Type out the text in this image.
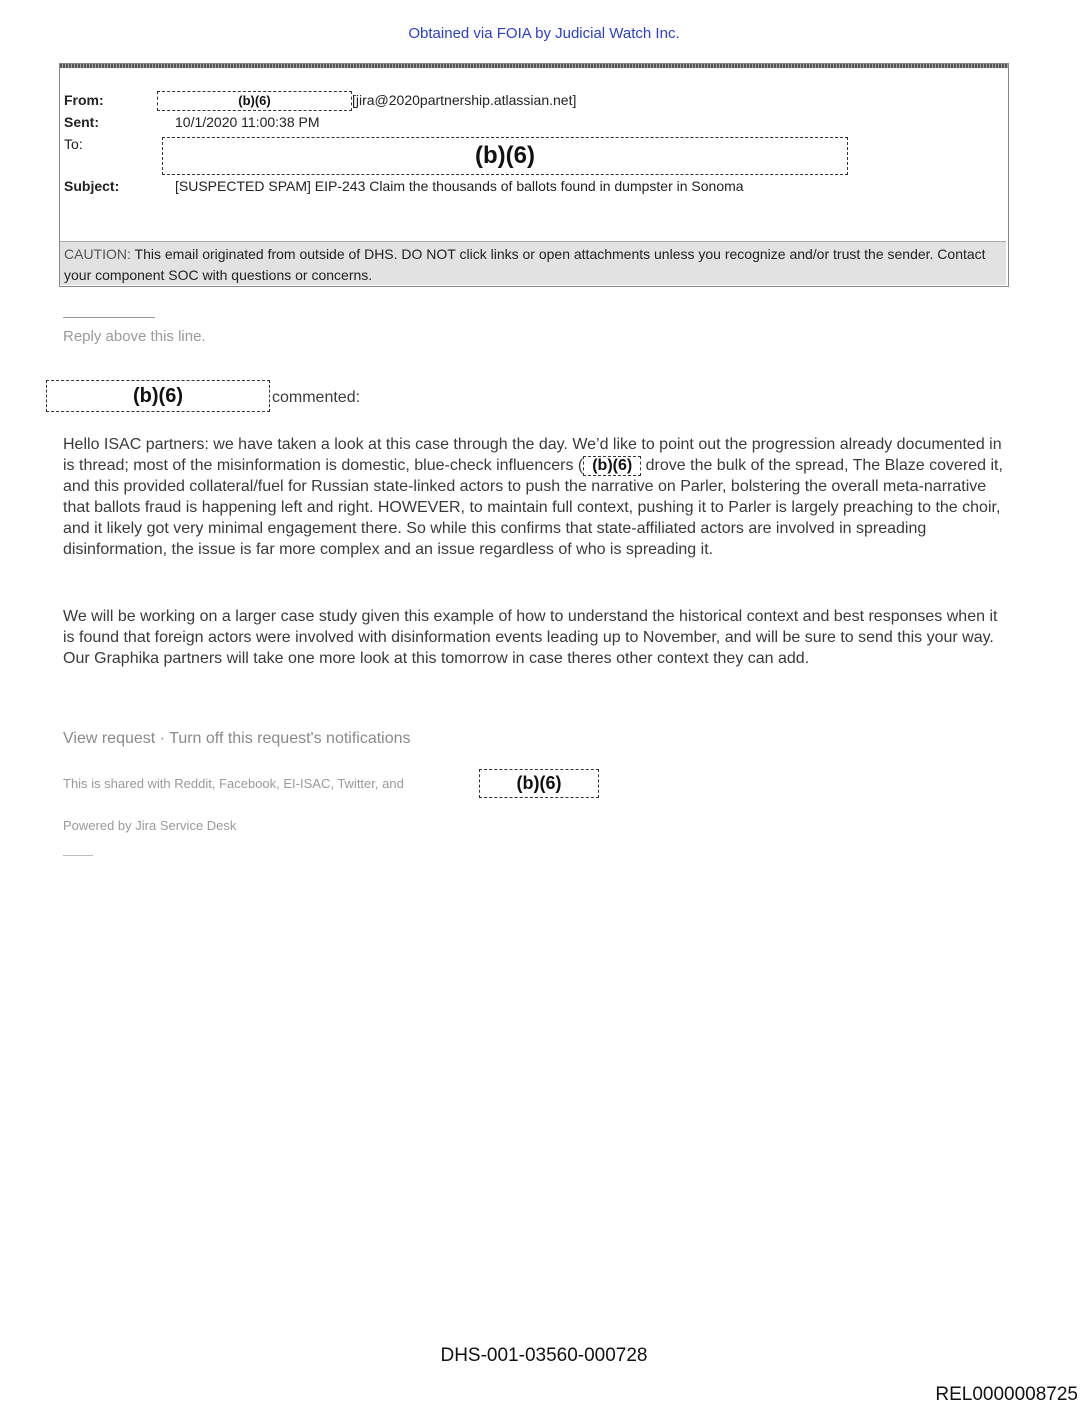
Obtained via FOIA by Judicial Watch Inc.
From:	(b)(6)	[jira@2020partnership.atlassian.net]
Sent:	10/1/2020 11:00:38 PM
To:	(b)(6)
Subject:	[SUSPECTED SPAM] EIP-243 Claim the thousands of ballots found in dumpster in Sonoma
CAUTION: This email originated from outside of DHS. DO NOT click links or open attachments unless you recognize and/or trust the sender. Contact your component SOC with questions or concerns.
Reply above this line.
(b)(6)	commented:

Hello ISAC partners: we have taken a look at this case through the day. We’d like to point out the progression already documented in is thread; most of the misinformation is domestic, blue-check influencers ( (b)(6) drove the bulk of the spread, The Blaze covered it, and this provided collateral/fuel for Russian state-linked actors to push the narrative on Parler, bolstering the overall meta-narrative that ballots fraud is happening left and right. HOWEVER, to maintain full context, pushing it to Parler is largely preaching to the choir, and it likely got very minimal engagement there. So while this confirms that state-affiliated actors are involved in spreading disinformation, the issue is far more complex and an issue regardless of who is spreading it.

We will be working on a larger case study given this example of how to understand the historical context and best responses when it is found that foreign actors were involved with disinformation events leading up to November, and will be sure to send this your way. Our Graphika partners will take one more look at this tomorrow in case theres other context they can add.

View request · Turn off this request's notifications
This is shared with Reddit, Facebook, EI-ISAC, Twitter, and	(b)(6)
Powered by Jira Service Desk
DHS-001-03560-000728
REL0000008725
